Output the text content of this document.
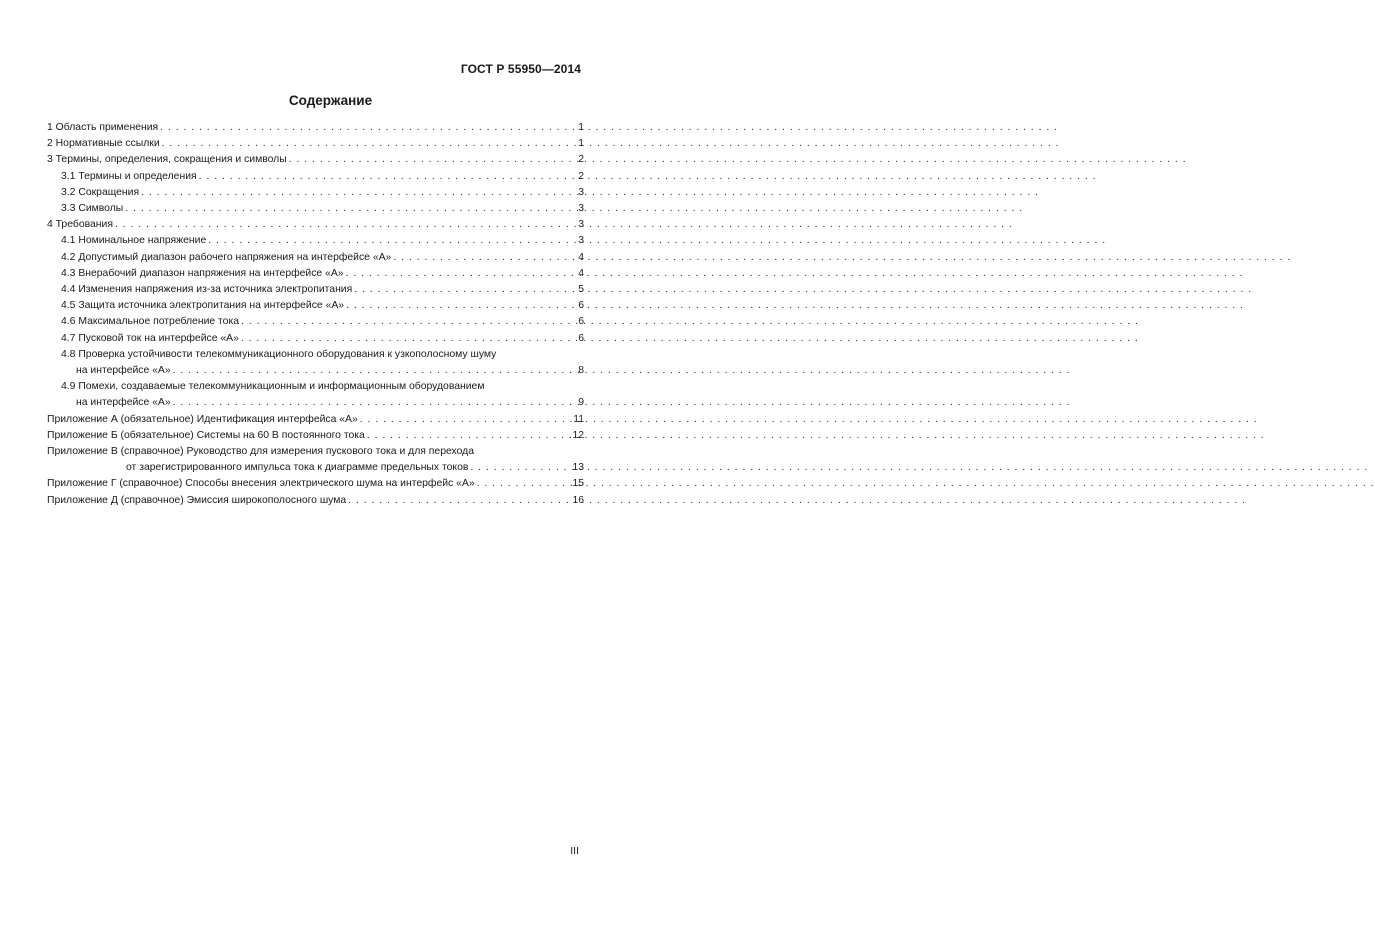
ГОСТ Р 55950—2014
Содержание
1 Область применения . . .	1
2 Нормативные ссылки . . .	1
3 Термины, определения, сокращения и символы . . .	2
3.1 Термины и определения . . .	2
3.2 Сокращения . . .	3
3.3 Символы . . .	3
4 Требования . . .	3
4.1 Номинальное напряжение . . .	3
4.2 Допустимый диапазон рабочего напряжения на интерфейсе «А» . . .	4
4.3 Внерабочий диапазон напряжения на интерфейсе «А» . . .	4
4.4 Изменения напряжения из-за источника электропитания . . .	5
4.5 Защита источника электропитания на интерфейсе «А» . . .	6
4.6 Максимальное потребление тока . . .	6
4.7 Пусковой ток на интерфейсе «А» . . .	6
4.8 Проверка устойчивости телекоммуникационного оборудования к узкополосному шуму
на интерфейсе «А» . . .	8
4.9 Помехи, создаваемые телекоммуникационным и информационным оборудованием
на интерфейсе «А» . . .	9
Приложение А (обязательное) Идентификация интерфейса «А» . . .	11
Приложение Б (обязательное) Системы на 60 В постоянного тока . . .	12
Приложение В (справочное) Руководство для измерения пускового тока и для перехода
от зарегистрированного импульса тока к диаграмме предельных токов . . .	13
Приложение Г (справочное) Способы внесения электрического шума на интерфейс «А» . . .	15
Приложение Д (справочное) Эмиссия широкополосного шума . . .	16
III
